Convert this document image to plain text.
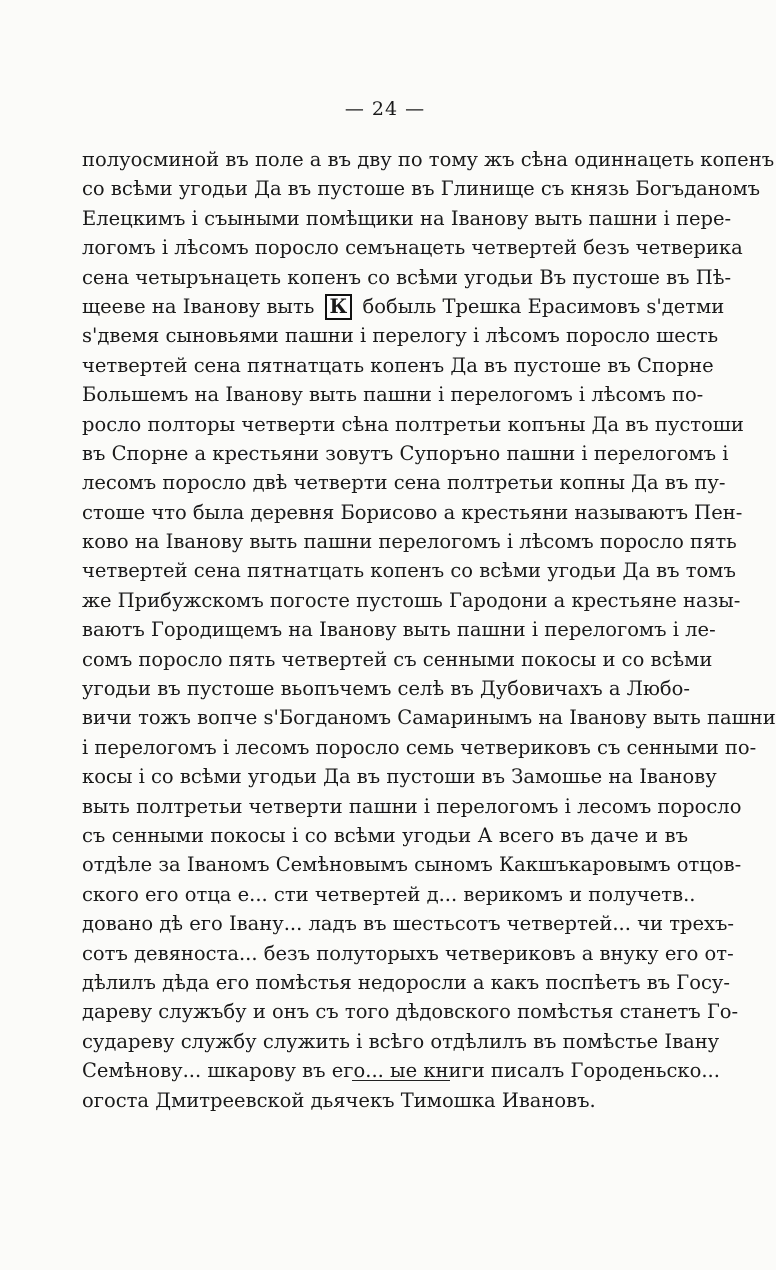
— 24 —
полуосминой въ поле а въ дву по тому жъ сѣна одиннацеть копенъ
со всѣми угодьи Да въ пустоше въ Глинище съ князь Богъданомъ
Елецкимъ і съыными помѣщики на Іванову выть пашни і пере-
логомъ і лѣсомъ поросло семънацеть четвертей безъ четверика
сена четырънацеть копенъ со всѣми угодьи Въ пустоше въ Пѣ-
щееве на Іванову выть К бобыль Трешка Ерасимовъ ѕ'детми
ѕ'двемя сыновьями пашни і перелогу і лѣсомъ поросло шесть
четвертей сена пятнатцать копенъ Да въ пустоше въ Спорне
Большемъ на Іванову выть пашни і перелогомъ і лѣсомъ по-
росло полторы четверти сѣна полтретьи копъны Да въ пустоши
въ Спорне а крестьяни зовутъ Супоръно пашни і перелогомъ і
лесомъ поросло двѣ четверти сена полтретьи копны Да въ пу-
стоше что была деревня Борисово а крестьяни называютъ Пен-
ково на Іванову выть пашни перелогомъ і лѣсомъ поросло пять
четвертей сена пятнатцать копенъ со всѣми угодьи Да въ томъ
же Прибужскомъ погосте пустошь Гародони а крестьяне назы-
ваютъ Городищемъ на Іванову выть пашни і перелогомъ і ле-
сомъ поросло пять четвертей съ сенными покосы и со всѣми
угодьи въ пустоше вьопъчемъ селѣ въ Дубовичахъ а Любо-
вичи тожъ вопче ѕ'Богданомъ Самаринымъ на Іванову выть пашни
і перелогомъ і лесомъ поросло семь четвериковъ съ сенными по-
косы і со всѣми угодьи Да въ пустоши въ Замошье на Іванову
выть полтретьи четверти пашни і перелогомъ і лесомъ поросло
съ сенными покосы і со всѣми угодьи А всего въ даче и въ
отдѣле за Іваномъ Семѣновымъ сыномъ Какшъкаровымъ отцов-
ского его отца е... сти четвертей д... верикомъ и получетв..
довано дѣ его Івану... ладъ въ шестьсотъ четвертей... чи трехъ-
сотъ девяноста... безъ полуторыхъ четвериковъ а внуку его от-
дѣлилъ дѣда его помѣстья недоросли а какъ поспѣетъ въ Госу-
дареву служъбу и онъ съ того дѣдовского помѣстья станетъ Го-
судареву службу служить і всѣго отдѣлилъ въ помѣстье Івану
Семѣнову... шкарову въ его... ые книги писалъ Городеньско...
огоста Дмитреевской дьячекъ Тимошка Ивановъ.
